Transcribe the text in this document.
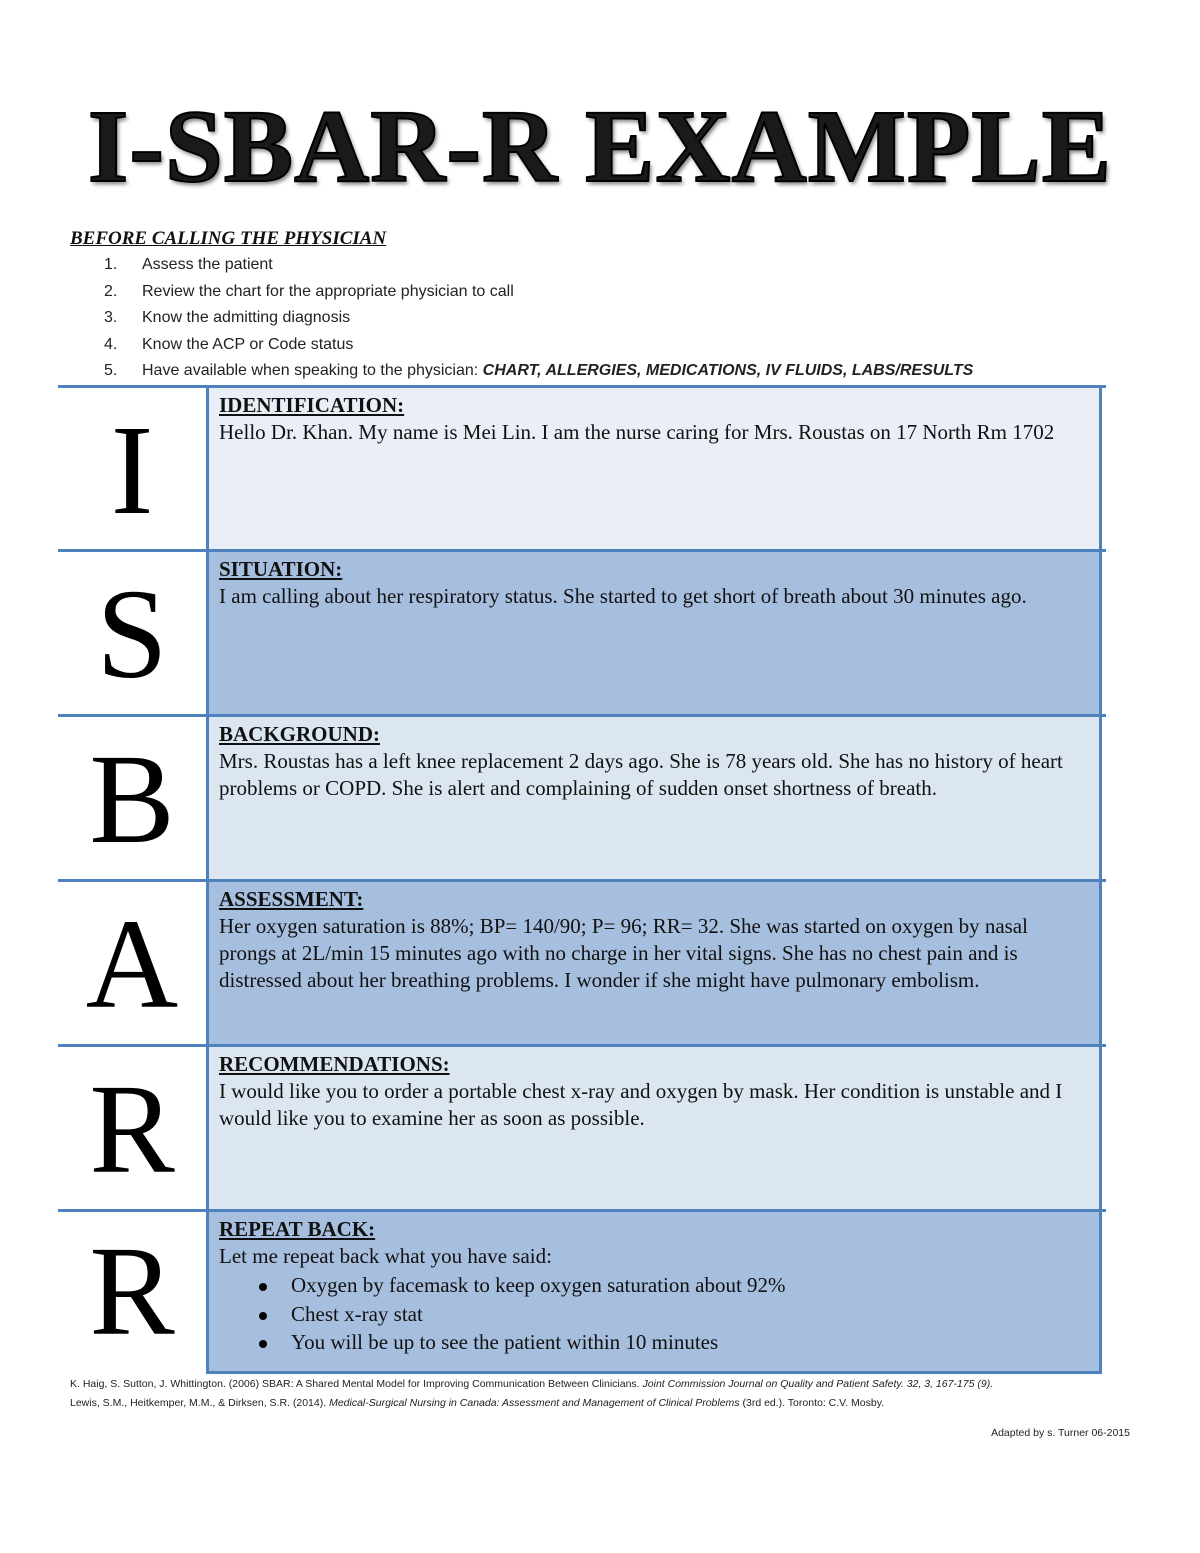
I-SBAR-R EXAMPLE
BEFORE CALLING THE PHYSICIAN
1.	Assess the patient
2.	Review the chart for the appropriate physician to call
3.	Know the admitting diagnosis
4.	Know the ACP or Code status
5.	Have available when speaking to the physician: CHART, ALLERGIES, MEDICATIONS, IV FLUIDS, LABS/RESULTS
I	IDENTIFICATION:
Hello Dr. Khan. My name is Mei Lin. I am the nurse caring for Mrs. Roustas on 17 North Rm 1702
S	SITUATION:
I am calling about her respiratory status. She started to get short of breath about 30 minutes ago.
B	BACKGROUND:
Mrs. Roustas has a left knee replacement 2 days ago. She is 78 years old. She has no history of heart problems or COPD. She is alert and complaining of sudden onset shortness of breath.
A	ASSESSMENT:
Her oxygen saturation is 88%; BP= 140/90; P= 96; RR= 32. She was started on oxygen by nasal prongs at 2L/min 15 minutes ago with no charge in her vital signs. She has no chest pain and is distressed about her breathing problems. I wonder if she might have pulmonary embolism.
R	RECOMMENDATIONS:
I would like you to order a portable chest x-ray and oxygen by mask. Her condition is unstable and I would like you to examine her as soon as possible.
R	REPEAT BACK:
Let me repeat back what you have said:
Oxygen by facemask to keep oxygen saturation about 92%
Chest x-ray stat
You will be up to see the patient within 10 minutes
K. Haig, S. Sutton, J. Whittington. (2006) SBAR: A Shared Mental Model for Improving Communication Between Clinicians. Joint Commission Journal on Quality and Patient Safety. 32, 3, 167-175 (9).
Lewis, S.M., Heitkemper, M.M., & Dirksen, S.R. (2014). Medical-Surgical Nursing in Canada: Assessment and Management of Clinical Problems (3rd ed.). Toronto: C.V. Mosby.
Adapted by s. Turner 06-2015
